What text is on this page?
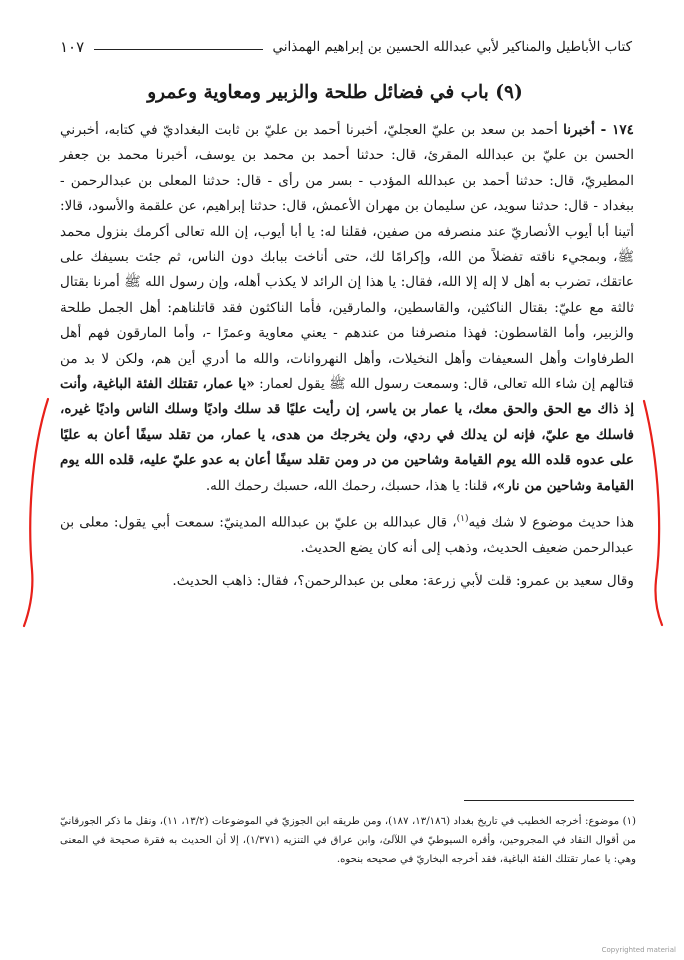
كتاب الأباطيل والمناكير لأبي عبدالله الحسين بن إبراهيم الهمذاني
١٠٧
(٩) باب في فضائل طلحة والزبير ومعاوية وعمرو

١٧٤ - أخبرنا أحمد بن سعد بن عليّ العجليّ، أخبرنا أحمد بن عليّ بن ثابت البغداديّ في كتابه، أخبرني الحسن بن عليّ بن عبدالله المقرئ، قال: حدثنا أحمد بن محمد بن يوسف، أخبرنا محمد بن جعفر المطيريّ، قال: حدثنا أحمد بن عبدالله المؤدب - بسر من رأى - قال: حدثنا المعلى بن عبدالرحمن - ببغداد - قال: حدثنا سويد، عن سليمان بن مهران الأعمش، قال: حدثنا إبراهيم، عن علقمة والأسود، قالا: أتينا أبا أيوب الأنصاريّ عند منصرفه من صفين، فقلنا له: يا أبا أيوب، إن الله تعالى أكرمك بنزول محمد ﷺ، وبمجيء ناقته تفضلاً من الله، وإكرامًا لك، حتى أناخت ببابك دون الناس، ثم جئت بسيفك على عاتقك، تضرب به أهل لا إله إلا الله، فقال: يا هذا إن الرائد لا يكذب أهله، وإن رسول الله ﷺ أمرنا بقتال ثالثة مع عليّ: بقتال الناكثين، والقاسطين، والمارقين، فأما الناكثون فقد قاتلناهم: أهل الجمل طلحة والزبير، وأما القاسطون: فهذا منصرفنا من عندهم - يعني معاوية وعمرًا -، وأما المارقون فهم أهل الطرفاوات وأهل السعيفات وأهل النخيلات، وأهل النهروانات، والله ما أدري أين هم، ولكن لا بد من قتالهم إن شاء الله تعالى، قال: وسمعت رسول الله ﷺ يقول لعمار: «يا عمار، تقتلك الفئة الباغية، وأنت إذ ذاك مع الحق والحق معك، يا عمار بن ياسر، إن رأيت عليًا قد سلك واديًا وسلك الناس واديًا غيره، فاسلك مع عليّ، فإنه لن يدلك في ردي، ولن يخرجك من هدى، يا عمار، من تقلد سيفًا أعان به عليًا على عدوه قلده الله يوم القيامة وشاحين من در ومن تقلد سيفًا أعان به عدو عليّ عليه، قلده الله يوم القيامة وشاحين من نار»، قلنا: يا هذا، حسبك، رحمك الله، حسبك رحمك الله.

هذا حديث موضوع لا شك فيه$^{(١)}$، قال عبدالله بن عليّ بن عبدالله المدينيّ: سمعت أبي يقول: معلى بن عبدالرحمن ضعيف الحديث، وذهب إلى أنه كان يضع الحديث.

وقال سعيد بن عمرو: قلت لأبي زرعة: معلى بن عبدالرحمن؟، فقال: ذاهب الحديث.

(١) موضوع: أخرجه الخطيب في تاريخ بغداد (١٣/١٨٦، ١٨٧)، ومن طريقه ابن الجوزيّ في الموضوعات (١٣/٢، ١١)، ونقل ما ذكر الجورقانيّ من أقوال النقاد في المجروحين، وأقره السيوطيّ في اللآلئ، وابن عراق في التنزيه (١/٣٧١)، إلا أن الحديث به فقرة صحيحة في المعنى وهي: يا عمار تقتلك الفئة الباغية، فقد أخرجه البخاريّ في صحيحه بنحوه.

Copyrighted material
